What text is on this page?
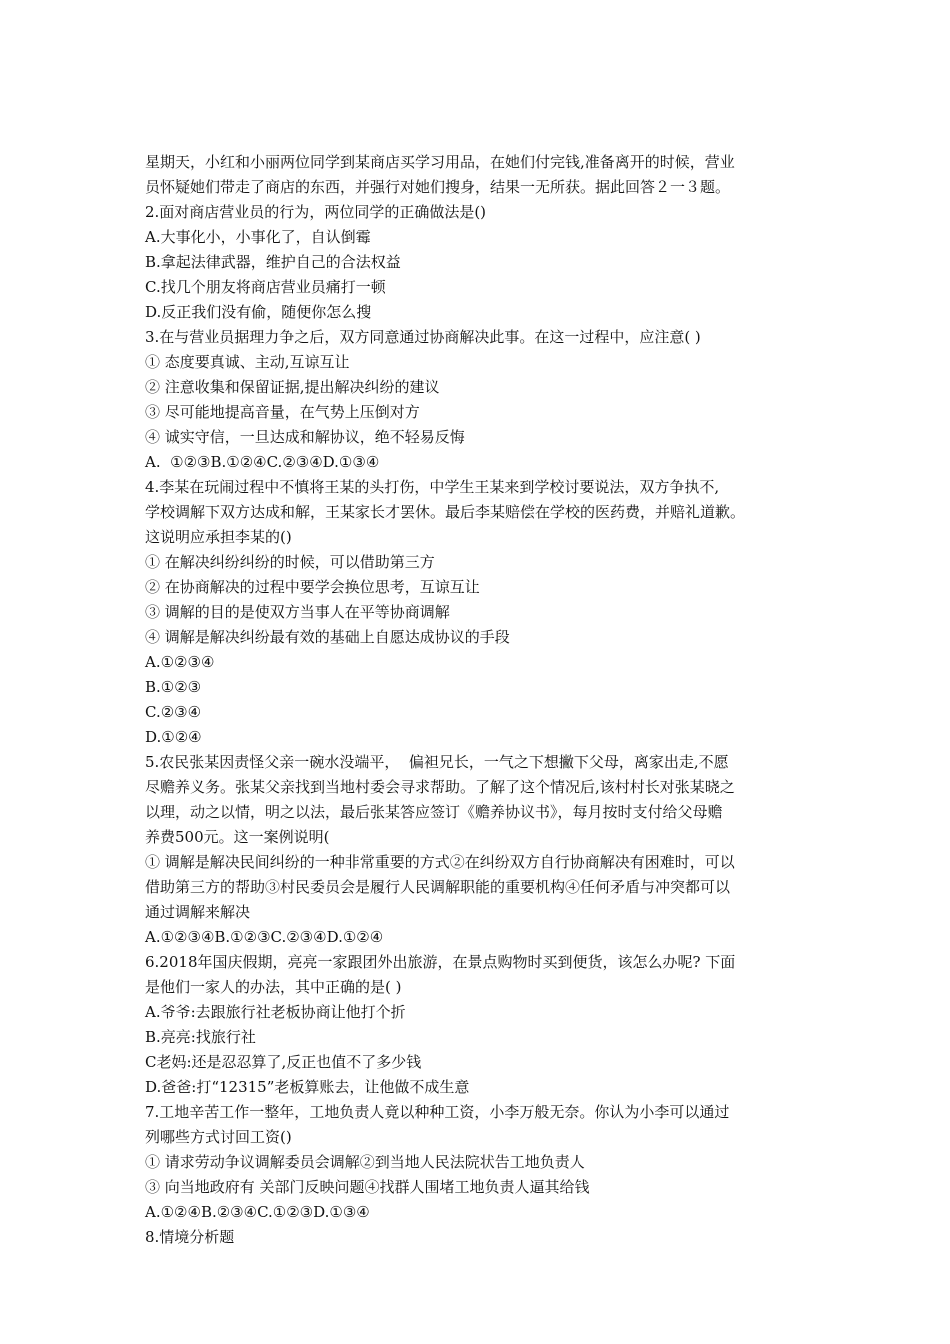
星期天，小红和小丽两位同学到某商店买学习用品，在她们付完钱,准备离开的时候，营业
员怀疑她们带走了商店的东西，并强行对她们搜身，结果一无所获。据此回答２一３题。
2.面对商店营业员的行为，两位同学的正确做法是()
A.大事化小，小事化了，自认倒霉
B.拿起法律武器，维护自己的合法权益
C.找几个朋友将商店营业员痛打一顿
D.反正我们没有偷，随便你怎么搜
3.在与营业员据理力争之后，双方同意通过协商解决此事。在这一过程中，应注意( )
① 态度要真诚、主动,互谅互让
② 注意收集和保留证据,提出解决纠纷的建议
③ 尽可能地提高音量，在气势上压倒对方
④ 诚实守信，一旦达成和解协议，绝不轻易反悔
A.  ①②③B.①②④C.②③④D.①③④
4.李某在玩闹过程中不慎将王某的头打伤，中学生王某来到学校讨要说法，双方争执不,
学校调解下双方达成和解，王某家长才罢休。最后李某赔偿在学校的医药费，并赔礼道歉。
这说明应承担李某的()
① 在解决纠纷纠纷的时候，可以借助第三方
② 在协商解决的过程中要学会换位思考，互谅互让
③ 调解的目的是使双方当事人在平等协商调解
④ 调解是解决纠纷最有效的基础上自愿达成协议的手段
A.①②③④
B.①②③
C.②③④
D.①②④
5.农民张某因责怪父亲一碗水没端平，  偏袒兄长，一气之下想撇下父母，离家出走,不愿
尽赡养义务。张某父亲找到当地村委会寻求帮助。了解了这个情况后,该村村长对张某晓之
以理，动之以情，明之以法，最后张某答应签订《赡养协议书》，每月按时支付给父母赡
养费500元。这一案例说明(
① 调解是解决民间纠纷的一种非常重要的方式②在纠纷双方自行协商解决有困难时，可以
借助第三方的帮助③村民委员会是履行人民调解职能的重要机构④任何矛盾与冲突都可以
通过调解来解决
A.①②③④B.①②③C.②③④D.①②④
6.2018年国庆假期，亮亮一家跟团外出旅游，在景点购物时买到便货，该怎么办呢? 下面
是他们一家人的办法，其中正确的是( )
A.爷爷:去跟旅行社老板协商让他打个折
B.亮亮:找旅行社
C老妈:还是忍忍算了,反正也值不了多少钱
D.爸爸:打“12315”老板算账去，让他做不成生意
7.工地辛苦工作一整年，工地负责人竟以种种工资，小李万般无奈。你认为小李可以通过
列哪些方式讨回工资()
① 请求劳动争议调解委员会调解②到当地人民法院状告工地负责人
③ 向当地政府有 关部门反映问题④找群人围堵工地负责人逼其给钱
A.①②④B.②③④C.①②③D.①③④
8.情境分析题
